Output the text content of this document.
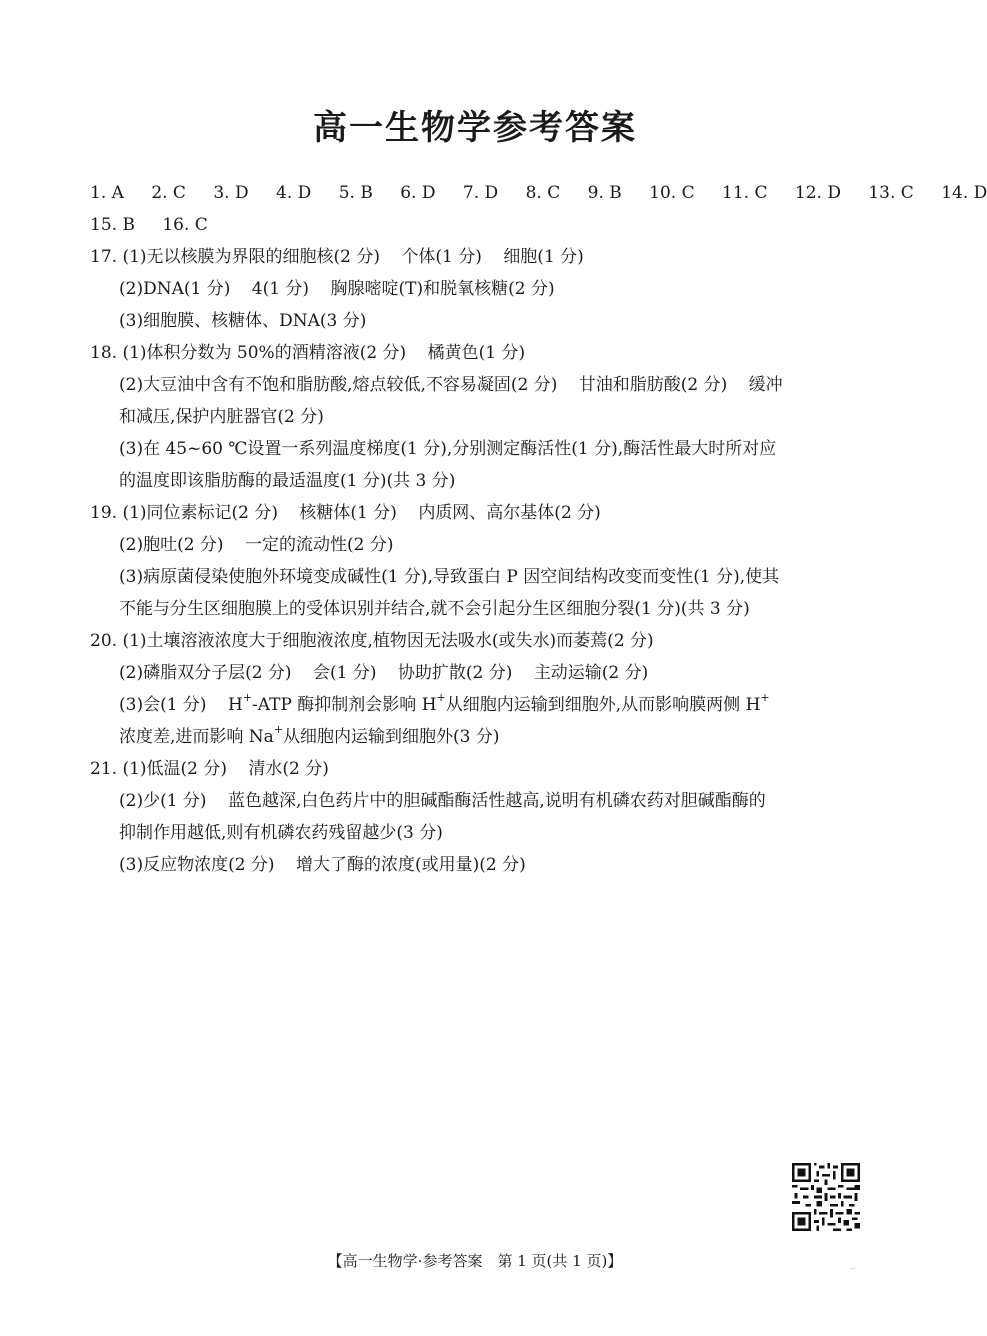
高一生物学参考答案
1. A 2. C 3. D 4. D 5. B 6. D 7. D 8. C 9. B 10. C 11. C 12. D 13. C 14. D
15. B 16. C
17. (1)无以核膜为界限的细胞核(2 分) 个体(1 分) 细胞(1 分)
(2)DNA(1 分) 4(1 分) 胸腺嘧啶(T)和脱氧核糖(2 分)
(3)细胞膜、核糖体、DNA(3 分)
18. (1)体积分数为 50%的酒精溶液(2 分) 橘黄色(1 分)
(2)大豆油中含有不饱和脂肪酸,熔点较低,不容易凝固(2 分) 甘油和脂肪酸(2 分) 缓冲
和减压,保护内脏器官(2 分)
(3)在 45~60 ℃设置一系列温度梯度(1 分),分别测定酶活性(1 分),酶活性最大时所对应
的温度即该脂肪酶的最适温度(1 分)(共 3 分)
19. (1)同位素标记(2 分) 核糖体(1 分) 内质网、高尔基体(2 分)
(2)胞吐(2 分) 一定的流动性(2 分)
(3)病原菌侵染使胞外环境变成碱性(1 分),导致蛋白 P 因空间结构改变而变性(1 分),使其
不能与分生区细胞膜上的受体识别并结合,就不会引起分生区细胞分裂(1 分)(共 3 分)
20. (1)土壤溶液浓度大于细胞液浓度,植物因无法吸水(或失水)而萎蔫(2 分)
(2)磷脂双分子层(2 分) 会(1 分) 协助扩散(2 分) 主动运输(2 分)
(3)会(1 分) H+-ATP 酶抑制剂会影响 H+从细胞内运输到细胞外,从而影响膜两侧 H+
浓度差,进而影响 Na+从细胞内运输到细胞外(3 分)
21. (1)低温(2 分) 清水(2 分)
(2)少(1 分) 蓝色越深,白色药片中的胆碱酯酶活性越高,说明有机磷农药对胆碱酯酶的
抑制作用越低,则有机磷农药残留越少(3 分)
(3)反应物浓度(2 分) 增大了酶的浓度(或用量)(2 分)
【高一生物学·参考答案　第 1 页(共 1 页)】	..
